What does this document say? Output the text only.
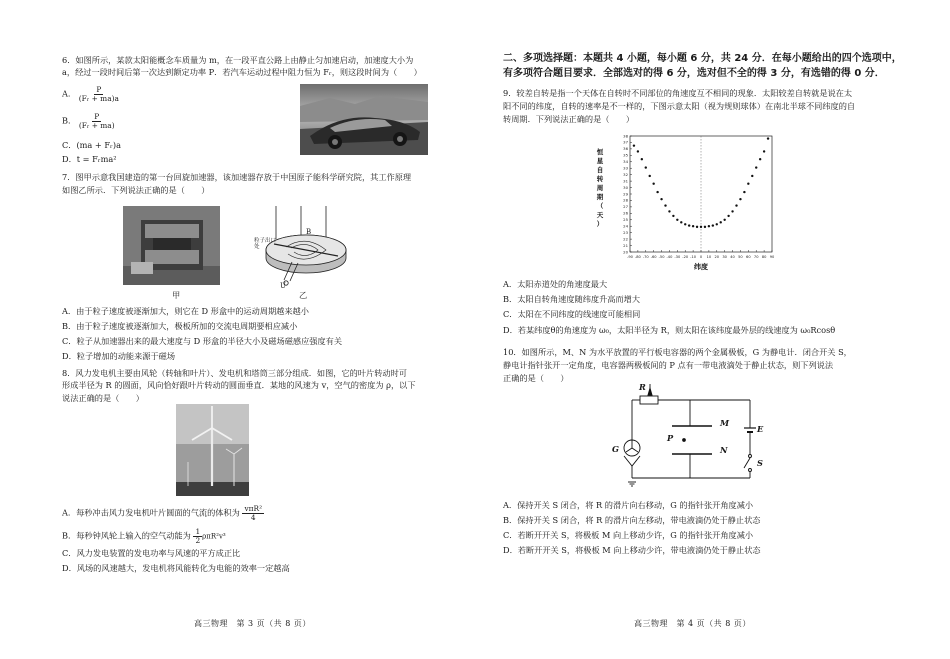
6．如图所示，某款太阳能概念车质量为 m，在一段平直公路上由静止匀加速启动，加速度大小为
a，经过一段时间后第一次达到额定功率 P．若汽车运动过程中阻力恒为 Fᵣ，则这段时间为（　　）
A． $\frac{P}{\text{(Fᵣ + ma)a}}$
B． $\frac{P}{\text{(Fᵣ + ma)}}$
C．(ma + Fᵣ)a
D．t = Fᵣma²
7．图甲示意我国建造的第一台回旋加速器，该加速器存放于中国原子能科学研究院，其工作原理
如图乙所示．下列说法正确的是（　　）
甲
B
U
粒子出口处
乙
A．由于粒子速度被逐渐加大，则它在 D 形盒中的运动周期越来越小
B．由于粒子速度被逐渐加大，极板所加的交流电周期要相应减小
C．粒子从加速器出来的最大速度与 D 形盒的半径大小及磁场磁感应强度有关
D．粒子增加的动能来源于磁场
8．风力发电机主要由风轮（转轴和叶片）、发电机和塔筒三部分组成．如图，它的叶片转动时可
形成半径为 R 的圆面，风向恰好跟叶片转动的圆面垂直．某地的风速为 v，空气的密度为 ρ，以下
说法正确的是（　　）
A．每秒冲击风力发电机叶片圆面的气流的体积为 $\frac{\text{vπR²}}{4}$
B．每秒钟风轮上输入的空气动能为 $\frac{1}{2} \rho\pi R^2v^3$
C．风力发电装置的发电功率与风速的平方成正比
D．风场的风速越大，发电机将风能转化为电能的效率一定越高
高三物理　第 3 页（共 8 页）
二、多项选择题：本题共 4 小题，每小题 6 分，共 24 分．在每小题给出的四个选项中，
有多项符合题目要求．全部选对的得 6 分，选对但不全的得 3 分，有选错的得 0 分．
9．较差自转是指一个天体在自转时不同部位的角速度互不相同的现象．太阳较差自转就是说在太
阳不同的纬度，自转的速率是不一样的，下图示意太阳（视为规则球体）在南北半球不同纬度的自
转周期．下列说法正确的是（　　）
-90 -80 -70 -60 -50 -40 -30 -20 -10 0 10 20 30 40 50 60 70 80 90
20
21
22
23
24
25
26
27
28
29
30
31
32
33
34
35
36
37
38
恒
星
自
转
周
期
（
天
）
纬度
A．太阳赤道处的角速度最大
B．太阳自转角速度随纬度升高而增大
C．太阳在不同纬度的线速度可能相同
D．若某纬度θ的角速度为 ω₀，太阳半径为 R，则太阳在该纬度最外层的线速度为 ω₀Rcosθ
10．如图所示，M、N 为水平放置的平行板电容器的两个金属极板，G 为静电计．闭合开关 S，
静电计指针张开一定角度，电容器两极板间的 P 点有一带电液滴处于静止状态，则下列说法
正确的是（　　）
R
M
N
P
E
G
S
A．保持开关 S 闭合，将 R 的滑片向右移动，G 的指针张开角度减小
B．保持开关 S 闭合，将 R 的滑片向左移动，带电液滴仍处于静止状态
C．若断开开关 S，将极板 M 向上移动少许，G 的指针张开角度减小
D．若断开开关 S，将极板 M 向上移动少许，带电液滴仍处于静止状态
高三物理　第 4 页（共 8 页）
